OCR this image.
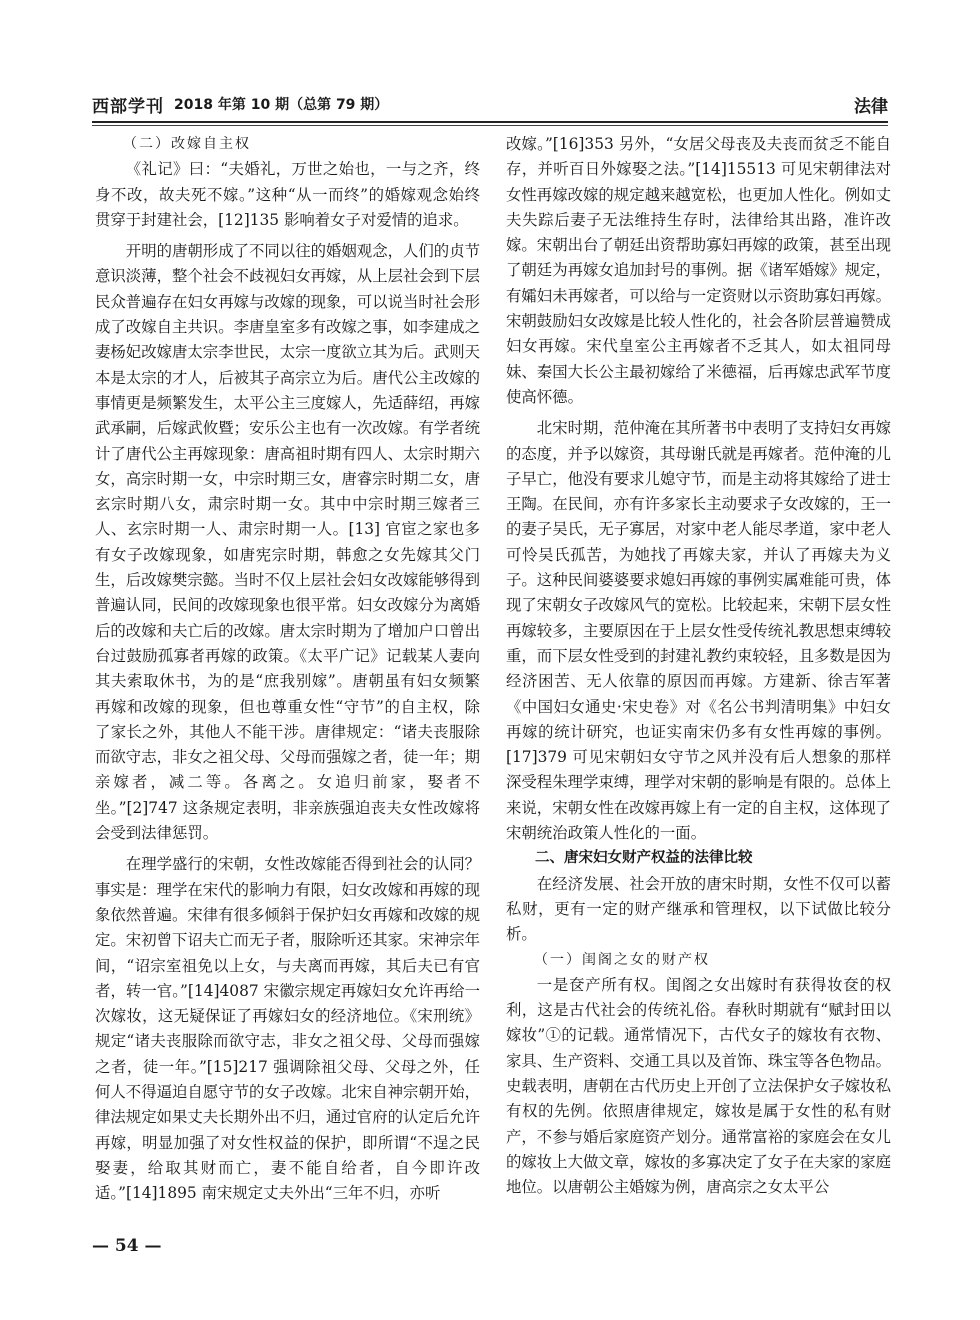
西部学刊 2018 年第 10 期（总第 79 期）	法律

（二）改嫁自主权

《礼记》曰：“夫婚礼，万世之始也，一与之齐，终身不改，故夫死不嫁。”这种“从一而终”的婚嫁观念始终贯穿于封建社会，[12]135 影响着女子对爱情的追求。

开明的唐朝形成了不同以往的婚姻观念，人们的贞节意识淡薄，整个社会不歧视妇女再嫁，从上层社会到下层民众普遍存在妇女再嫁与改嫁的现象，可以说当时社会形成了改嫁自主共识。李唐皇室多有改嫁之事，如李建成之妻杨妃改嫁唐太宗李世民，太宗一度欲立其为后。武则天本是太宗的才人，后被其子高宗立为后。唐代公主改嫁的事情更是频繁发生，太平公主三度嫁人，先适薛绍，再嫁武承嗣，后嫁武攸暨；安乐公主也有一次改嫁。有学者统计了唐代公主再嫁现象：唐高祖时期有四人、太宗时期六女，高宗时期一女，中宗时期三女，唐睿宗时期二女，唐玄宗时期八女，肃宗时期一女。其中中宗时期三嫁者三人、玄宗时期一人、肃宗时期一人。[13] 官宦之家也多有女子改嫁现象，如唐宪宗时期，韩愈之女先嫁其父门生，后改嫁樊宗懿。当时不仅上层社会妇女改嫁能够得到普遍认同，民间的改嫁现象也很平常。妇女改嫁分为离婚后的改嫁和夫亡后的改嫁。唐太宗时期为了增加户口曾出台过鼓励孤寡者再嫁的政策。《太平广记》记载某人妻向其夫索取休书，为的是“庶我别嫁”。唐朝虽有妇女频繁再嫁和改嫁的现象，但也尊重女性“守节”的自主权，除了家长之外，其他人不能干涉。唐律规定：“诸夫丧服除而欲守志，非女之祖父母、父母而强嫁之者，徒一年；期亲嫁者，减二等。各离之。女追归前家，娶者不坐。”[2]747 这条规定表明，非亲族强迫丧夫女性改嫁将会受到法律惩罚。

在理学盛行的宋朝，女性改嫁能否得到社会的认同？事实是：理学在宋代的影响力有限，妇女改嫁和再嫁的现象依然普遍。宋律有很多倾斜于保护妇女再嫁和改嫁的规定。宋初曾下诏夫亡而无子者，服除听还其家。宋神宗年间，“诏宗室祖免以上女，与夫离而再嫁，其后夫已有官者，转一官。”[14]4087 宋徽宗规定再嫁妇女允许再给一次嫁妆，这无疑保证了再嫁妇女的经济地位。《宋刑统》规定“诸夫丧服除而欲守志，非女之祖父母、父母而强嫁之者，徒一年。”[15]217 强调除祖父母、父母之外，任何人不得逼迫自愿守节的女子改嫁。北宋自神宗朝开始，律法规定如果丈夫长期外出不归，通过官府的认定后允许再嫁，明显加强了对女性权益的保护，即所谓“不逞之民娶妻，给取其财而亡，妻不能自给者，自今即许改适。”[14]1895 南宋规定丈夫外出“三年不归，亦听

改嫁。”[16]353 另外，“女居父母丧及夫丧而贫乏不能自存，并听百日外嫁娶之法。”[14]15513 可见宋朝律法对女性再嫁改嫁的规定越来越宽松，也更加人性化。例如丈夫失踪后妻子无法维持生存时，法律给其出路，准许改嫁。宋朝出台了朝廷出资帮助寡妇再嫁的政策，甚至出现了朝廷为再嫁女追加封号的事例。据《诸军婚嫁》规定，有孀妇未再嫁者，可以给与一定资财以示资助寡妇再嫁。宋朝鼓励妇女改嫁是比较人性化的，社会各阶层普遍赞成妇女再嫁。宋代皇室公主再嫁者不乏其人，如太祖同母妹、秦国大长公主最初嫁给了米德福，后再嫁忠武军节度使高怀德。

北宋时期，范仲淹在其所著书中表明了支持妇女再嫁的态度，并予以嫁资，其母谢氏就是再嫁者。范仲淹的儿子早亡，他没有要求儿媳守节，而是主动将其嫁给了进士王陶。在民间，亦有许多家长主动要求子女改嫁的，王一的妻子吴氏，无子寡居，对家中老人能尽孝道，家中老人可怜吴氏孤苦，为她找了再嫁夫家，并认了再嫁夫为义子。这种民间婆婆要求媳妇再嫁的事例实属难能可贵，体现了宋朝女子改嫁风气的宽松。比较起来，宋朝下层女性再嫁较多，主要原因在于上层女性受传统礼教思想束缚较重，而下层女性受到的封建礼教约束较轻，且多数是因为经济困苦、无人依靠的原因而再嫁。方建新、徐吉军著《中国妇女通史·宋史卷》对《名公书判清明集》中妇女再嫁的统计研究，也证实南宋仍多有女性再嫁的事例。[17]379 可见宋朝妇女守节之风并没有后人想象的那样深受程朱理学束缚，理学对宋朝的影响是有限的。总体上来说，宋朝女性在改嫁再嫁上有一定的自主权，这体现了宋朝统治政策人性化的一面。

二、唐宋妇女财产权益的法律比较

在经济发展、社会开放的唐宋时期，女性不仅可以蓄私财，更有一定的财产继承和管理权，以下试做比较分析。

（一）闺阁之女的财产权

一是奁产所有权。闺阁之女出嫁时有获得妆奁的权利，这是古代社会的传统礼俗。春秋时期就有“赋封田以嫁妆”①的记载。通常情况下，古代女子的嫁妆有衣物、家具、生产资料、交通工具以及首饰、珠宝等各色物品。史载表明，唐朝在古代历史上开创了立法保护女子嫁妆私有权的先例。依照唐律规定，嫁妆是属于女性的私有财产，不参与婚后家庭资产划分。通常富裕的家庭会在女儿的嫁妆上大做文章，嫁妆的多寡决定了女子在夫家的家庭地位。以唐朝公主婚嫁为例，唐高宗之女太平公

— 54 —
